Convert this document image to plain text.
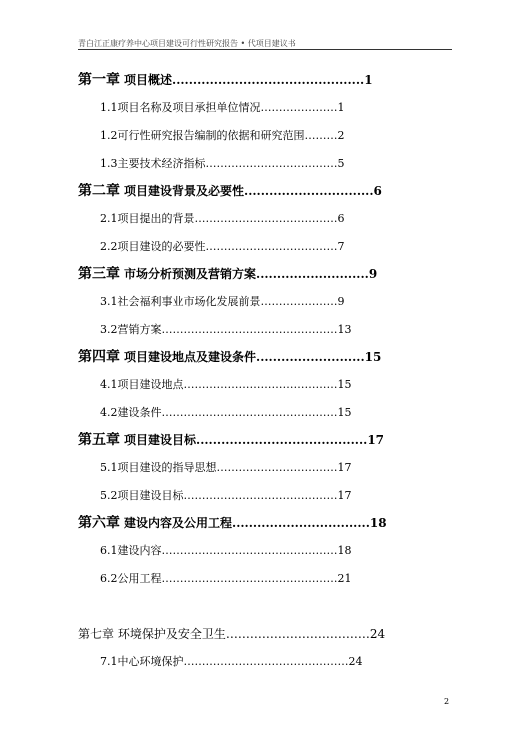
青白江正康疗养中心项目建设可行性研究报告 • 代项目建议书
第一章 项目概述..............................................1
1.1项目名称及项目承担单位情况…………………1
1.2可行性研究报告编制的依据和研究范围………2
1.3主要技术经济指标………………………………5
第二章 项目建设背景及必要性...............................6
2.1项目提出的背景…………………………………6
2.2项目建设的必要性………………………………7
第三章 市场分析预测及营销方案...........................9
3.1社会福利事业市场化发展前景…………………9
3.2营销方案…………………………………………13
第四章 项目建设地点及建设条件..........................15
4.1项目建设地点……………………………………15
4.2建设条件…………………………………………15
第五章 项目建设目标.........................................17
5.1项目建设的指导思想……………………………17
5.2项目建设目标……………………………………17
第六章 建设内容及公用工程.................................18
6.1建设内容…………………………………………18
6.2公用工程…………………………………………21
第七章 环境保护及安全卫生………………………………24
7.1中心环境保护………………………………………24
2
